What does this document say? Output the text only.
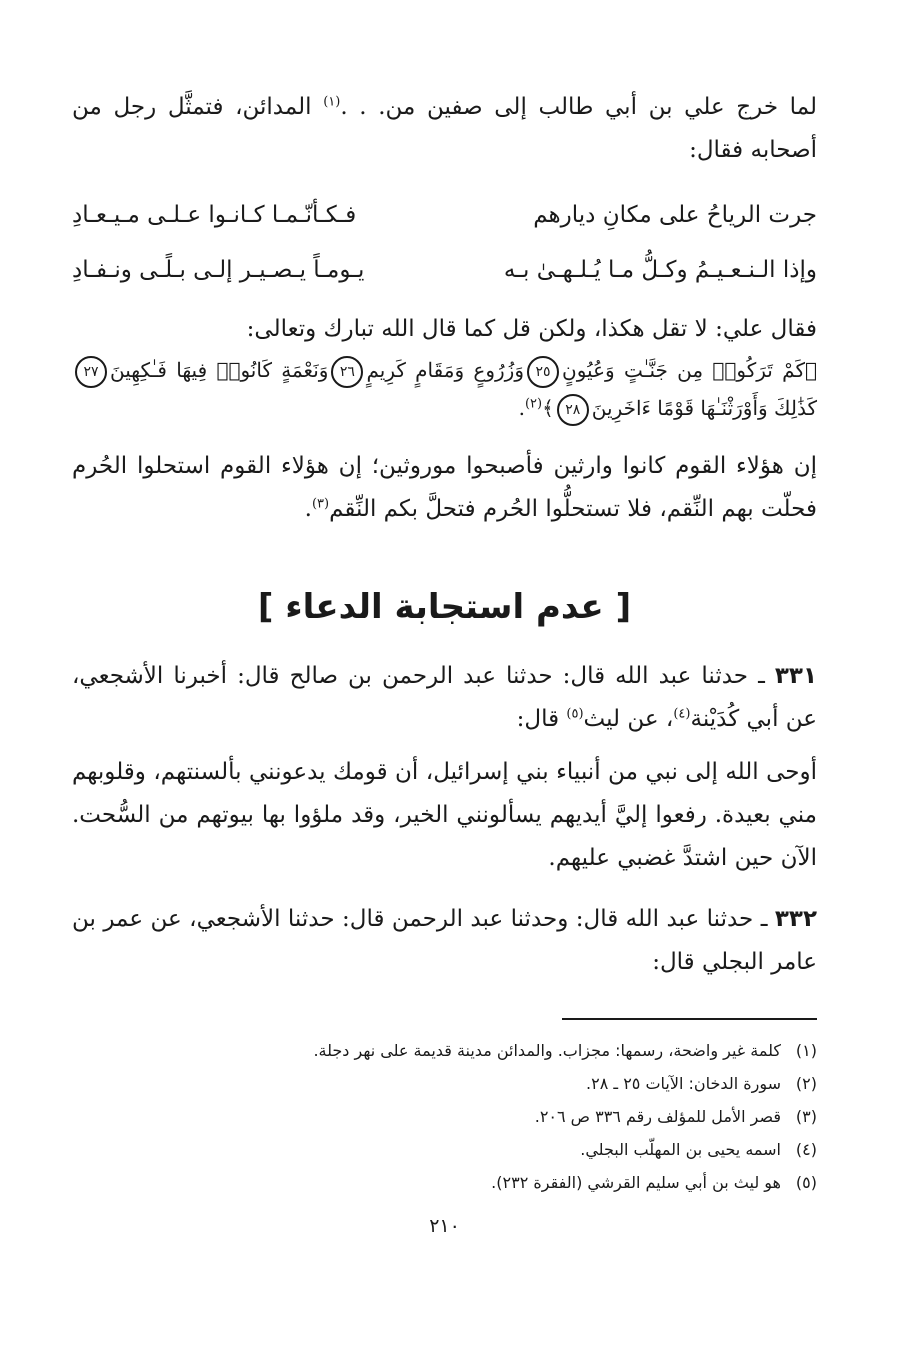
لما خرج علي بن أبي طالب إلى صفين من. . .$^{(١)}$ المدائن، فتمثَّل رجل من أصحابه فقال:

جرت الرياحُ على مكانِ ديارهم
فـكـأنّـمـا كـانـوا عـلـى مـيـعـادِ
وإذا الـنـعـيـمُ وكـلُّ مـا يُـلـهـىٰ بـه
يـومـاً يـصـيـر إلـى بـلًـى ونـفـادِ

فقال علي: لا تقل هكذا، ولكن قل كما قال الله تبارك وتعالى:

﴿كَمْ تَرَكُوا۟ مِن جَنَّـٰتٍ وَعُيُونٍ٢٥وَزُرُوعٍ وَمَقَامٍ كَرِيمٍ٢٦وَنَعْمَةٍ كَانُوا۟ فِيهَا فَـٰكِهِينَ٢٧كَذَٰلِكَ وَأَوْرَثْنَـٰهَا قَوْمًا ءَاخَرِينَ٢٨﴾$^{(٢)}$.

إن هؤلاء القوم كانوا وارثين فأصبحوا موروثين؛ إن هؤلاء القوم استحلوا الحُرم فحلّت بهم النِّقم، فلا تستحلُّوا الحُرم فتحلَّ بكم النِّقم$^{(٣)}$.

[ عدم استجابة الدعاء ]

٣٣١ ـ حدثنا عبد الله قال: حدثنا عبد الرحمن بن صالح قال: أخبرنا الأشجعي، عن أبي كُدَيْنة$^{(٤)}$، عن ليث$^{(٥)}$ قال:

أوحى الله إلى نبي من أنبياء بني إسرائيل، أن قومك يدعونني بألسنتهم، وقلوبهم مني بعيدة. رفعوا إليَّ أيديهم يسألونني الخير، وقد ملؤوا بها بيوتهم من السُّحت. الآن حين اشتدَّ غضبي عليهم.

٣٣٢ ـ حدثنا عبد الله قال: وحدثنا عبد الرحمن قال: حدثنا الأشجعي، عن عمر بن عامر البجلي قال:

(١)كلمة غير واضحة، رسمها: مجزاب. والمدائن مدينة قديمة على نهر دجلة.
(٢)سورة الدخان: الآيات ٢٥ ـ ٢٨.
(٣)قصر الأمل للمؤلف رقم ٣٣٦ ص ٢٠٦.
(٤)اسمه يحيى بن المهلّب البجلي.
(٥)هو ليث بن أبي سليم القرشي (الفقرة ٢٣٢).
٢١٠
